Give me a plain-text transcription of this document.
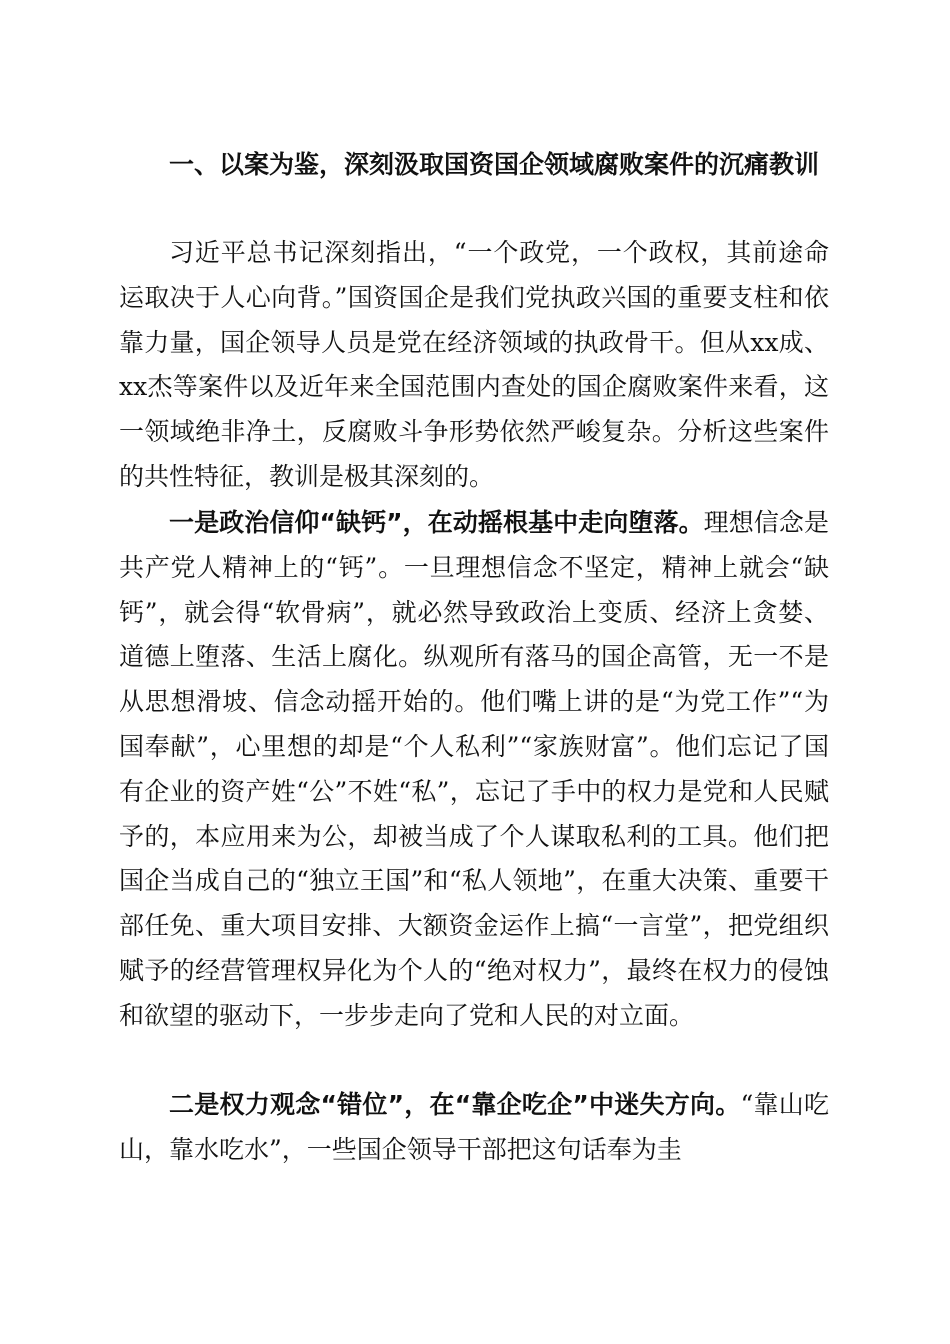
一、以案为鉴，深刻汲取国资国企领域腐败案件的沉痛教训
习近平总书记深刻指出，“一个政党，一个政权，其前途命运取决于人心向背。”国资国企是我们党执政兴国的重要支柱和依靠力量，国企领导人员是党在经济领域的执政骨干。但从xx成、xx杰等案件以及近年来全国范围内查处的国企腐败案件来看，这一领域绝非净土，反腐败斗争形势依然严峻复杂。分析这些案件的共性特征，教训是极其深刻的。
一是政治信仰“缺钙”，在动摇根基中走向堕落。理想信念是共产党人精神上的“钙”。一旦理想信念不坚定，精神上就会“缺钙”，就会得“软骨病”，就必然导致政治上变质、经济上贪婪、道德上堕落、生活上腐化。纵观所有落马的国企高管，无一不是从思想滑坡、信念动摇开始的。他们嘴上讲的是“为党工作”“为国奉献”，心里想的却是“个人私利”“家族财富”。他们忘记了国有企业的资产姓“公”不姓“私”，忘记了手中的权力是党和人民赋予的，本应用来为公，却被当成了个人谋取私利的工具。他们把国企当成自己的“独立王国”和“私人领地”，在重大决策、重要干部任免、重大项目安排、大额资金运作上搞“一言堂”，把党组织赋予的经营管理权异化为个人的“绝对权力”，最终在权力的侵蚀和欲望的驱动下，一步步走向了党和人民的对立面。
二是权力观念“错位”，在“靠企吃企”中迷失方向。“靠山吃山，靠水吃水”，一些国企领导干部把这句话奉为圭
